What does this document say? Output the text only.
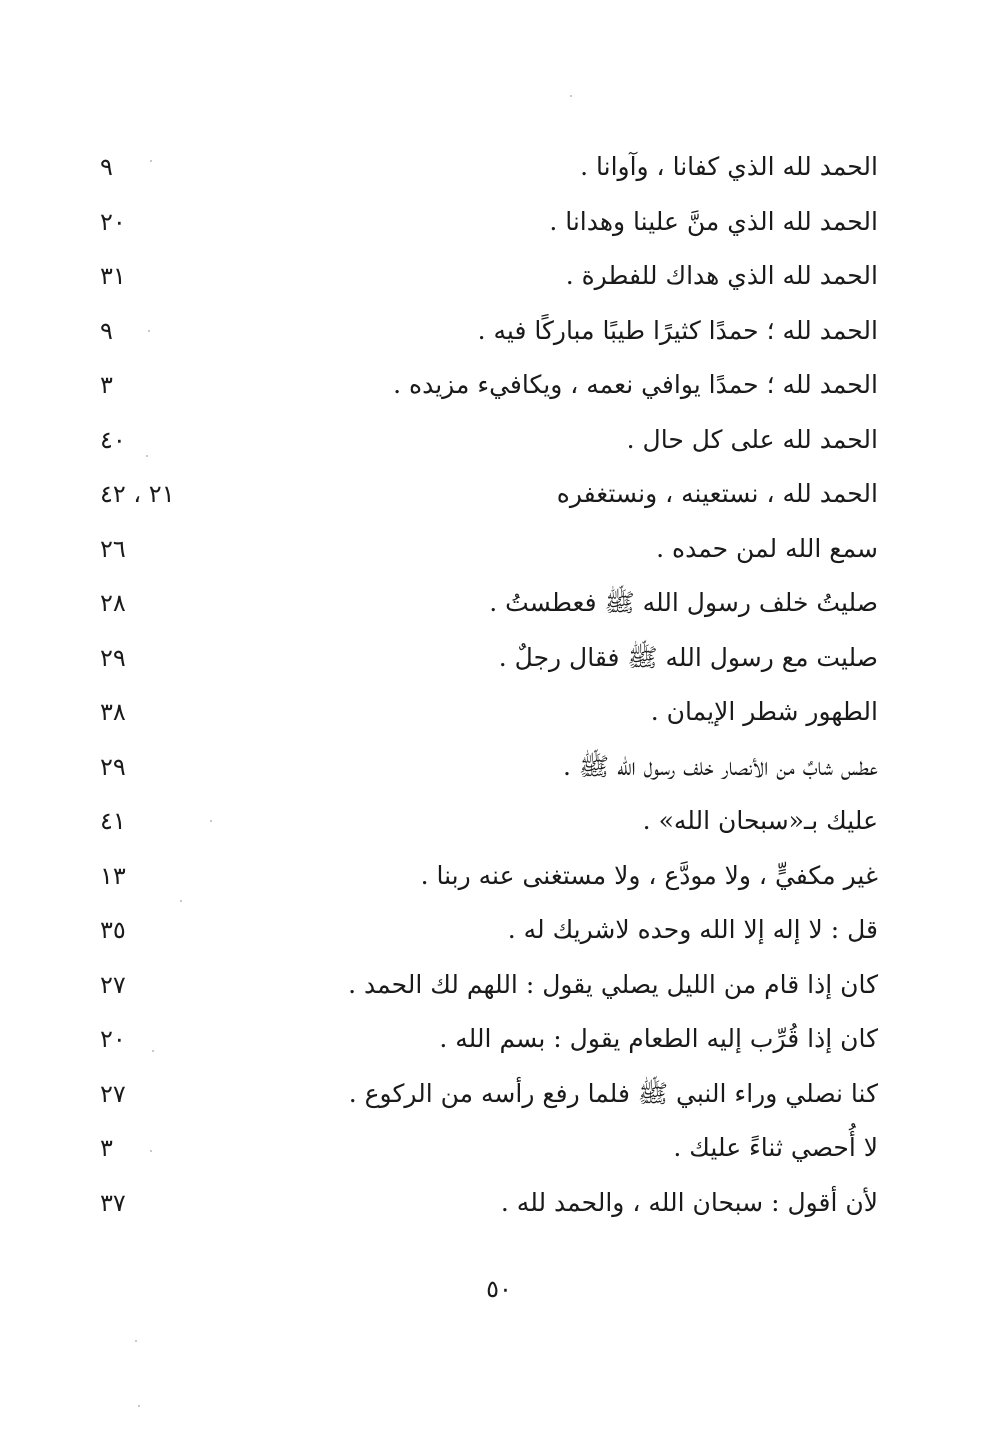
الحمد لله الذي كفانا ، وآوانا .
٩
الحمد لله الذي منَّ علينا وهدانا .
٢٠
الحمد لله الذي هداك للفطرة .
٣١
الحمد لله ؛ حمدًا كثيرًا طيبًا مباركًا فيه .
٩
الحمد لله ؛ حمدًا يوافي نعمه ، ويكافيء مزيده .
٣
الحمد لله على كل حال .
٤٠
الحمد لله ، نستعينه ، ونستغفره
٢١ ، ٤٢
سمع الله لمن حمده .
٢٦
صليتُ خلف رسول الله ﷺ فعطستُ .
٢٨
صليت مع رسول الله ﷺ فقال رجلٌ .
٢٩
الطهور شطر الإيمان .
٣٨
عطس شابٌ من الأنصار خلف رسول الله ﷺ .
٢٩
عليك بـ«سبحان الله» .
٤١
غير مكفيٍّ ، ولا مودَّع ، ولا مستغنى عنه ربنا .
١٣
قل : لا إله إلا الله وحده لاشريك له .
٣٥
كان إذا قام من الليل يصلي يقول : اللهم لك الحمد .
٢٧
كان إذا قُرِّب إليه الطعام يقول : بسم الله .
٢٠
كنا نصلي وراء النبي ﷺ فلما رفع رأسه من الركوع .
٢٧
لا أُحصي ثناءً عليك .
٣
لأن أقول : سبحان الله ، والحمد لله .
٣٧
٥٠
